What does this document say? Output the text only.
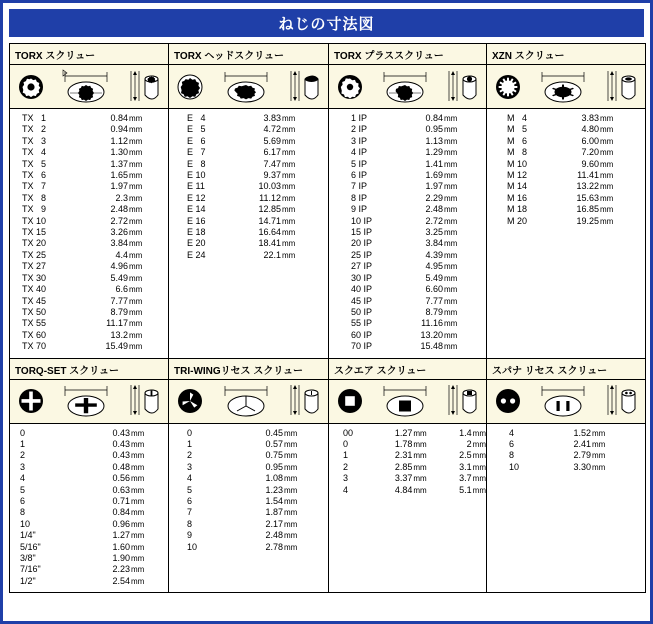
ねじの寸法図
TORX スクリュー
TX   1	0.84 mm
TX   2	0.94 mm
TX   3	1.12 mm
TX   4	1.30 mm
TX   5	1.37 mm
TX   6	1.65 mm
TX   7	1.97 mm
TX   8	2.3 mm
TX   9	2.48 mm
TX 10	2.72 mm
TX 15	3.26 mm
TX 20	3.84 mm
TX 25	4.4 mm
TX 27	4.96 mm
TX 30	5.49 mm
TX 40	6.6 mm
TX 45	7.77 mm
TX 50	8.79 mm
TX 55	11.17 mm
TX 60	13.2 mm
TX 70	15.49 mm
TORX ヘッドスクリュー
E   4	3.83 mm
E   5	4.72 mm
E   6	5.69 mm
E   7	6.17 mm
E   8	7.47 mm
E 10	9.37 mm
E 11	10.03 mm
E 12	11.12 mm
E 14	12.85 mm
E 16	14.71 mm
E 18	16.64 mm
E 20	18.41 mm
E 24	22.1 mm
TORX プラススクリュー
1 IP	0.84 mm
2 IP	0.95 mm
3 IP	1.13 mm
4 IP	1.29 mm
5 IP	1.41 mm
6 IP	1.69 mm
7 IP	1.97 mm
8 IP	2.29 mm
9 IP	2.48 mm
10 IP	2.72 mm
15 IP	3.25 mm
20 IP	3.84 mm
25 IP	4.39 mm
27 IP	4.95 mm
30 IP	5.49 mm
40 IP	6.60 mm
45 IP	7.77 mm
50 IP	8.79 mm
55 IP	11.16 mm
60 IP	13.20 mm
70 IP	15.48 mm
XZN スクリュー
M   4	3.83 mm
M   5	4.80 mm
M   6	6.00 mm
M   8	7.20 mm
M 10	9.60 mm
M 12	11.41 mm
M 14	13.22 mm
M 16	15.63 mm
M 18	16.85 mm
M 20	19.25 mm
TORQ-SET スクリュー
0	0.43 mm
1	0.43 mm
2	0.43 mm
3	0.48 mm
4	0.56 mm
5	0.63 mm
6	0.71 mm
8	0.84 mm
10	0.96 mm
1/4"	1.27 mm
5/16"	1.60 mm
3/8"	1.90 mm
7/16"	2.23 mm
1/2"	2.54 mm
TRI-WINGリセス スクリュー
0	0.45 mm
1	0.57 mm
2	0.75 mm
3	0.95 mm
4	1.08 mm
5	1.23 mm
6	1.54 mm
7	1.87 mm
8	2.17 mm
9	2.48 mm
10	2.78 mm
スクエア スクリュー
00	1.27 mm	1.4 mm
0	1.78 mm	2 mm
1	2.31 mm	2.5 mm
2	2.85 mm	3.1 mm
3	3.37 mm	3.7 mm
4	4.84 mm	5.1 mm
スパナ リセス スクリュー
4	1.52 mm
6	2.41 mm
8	2.79 mm
10	3.30 mm
